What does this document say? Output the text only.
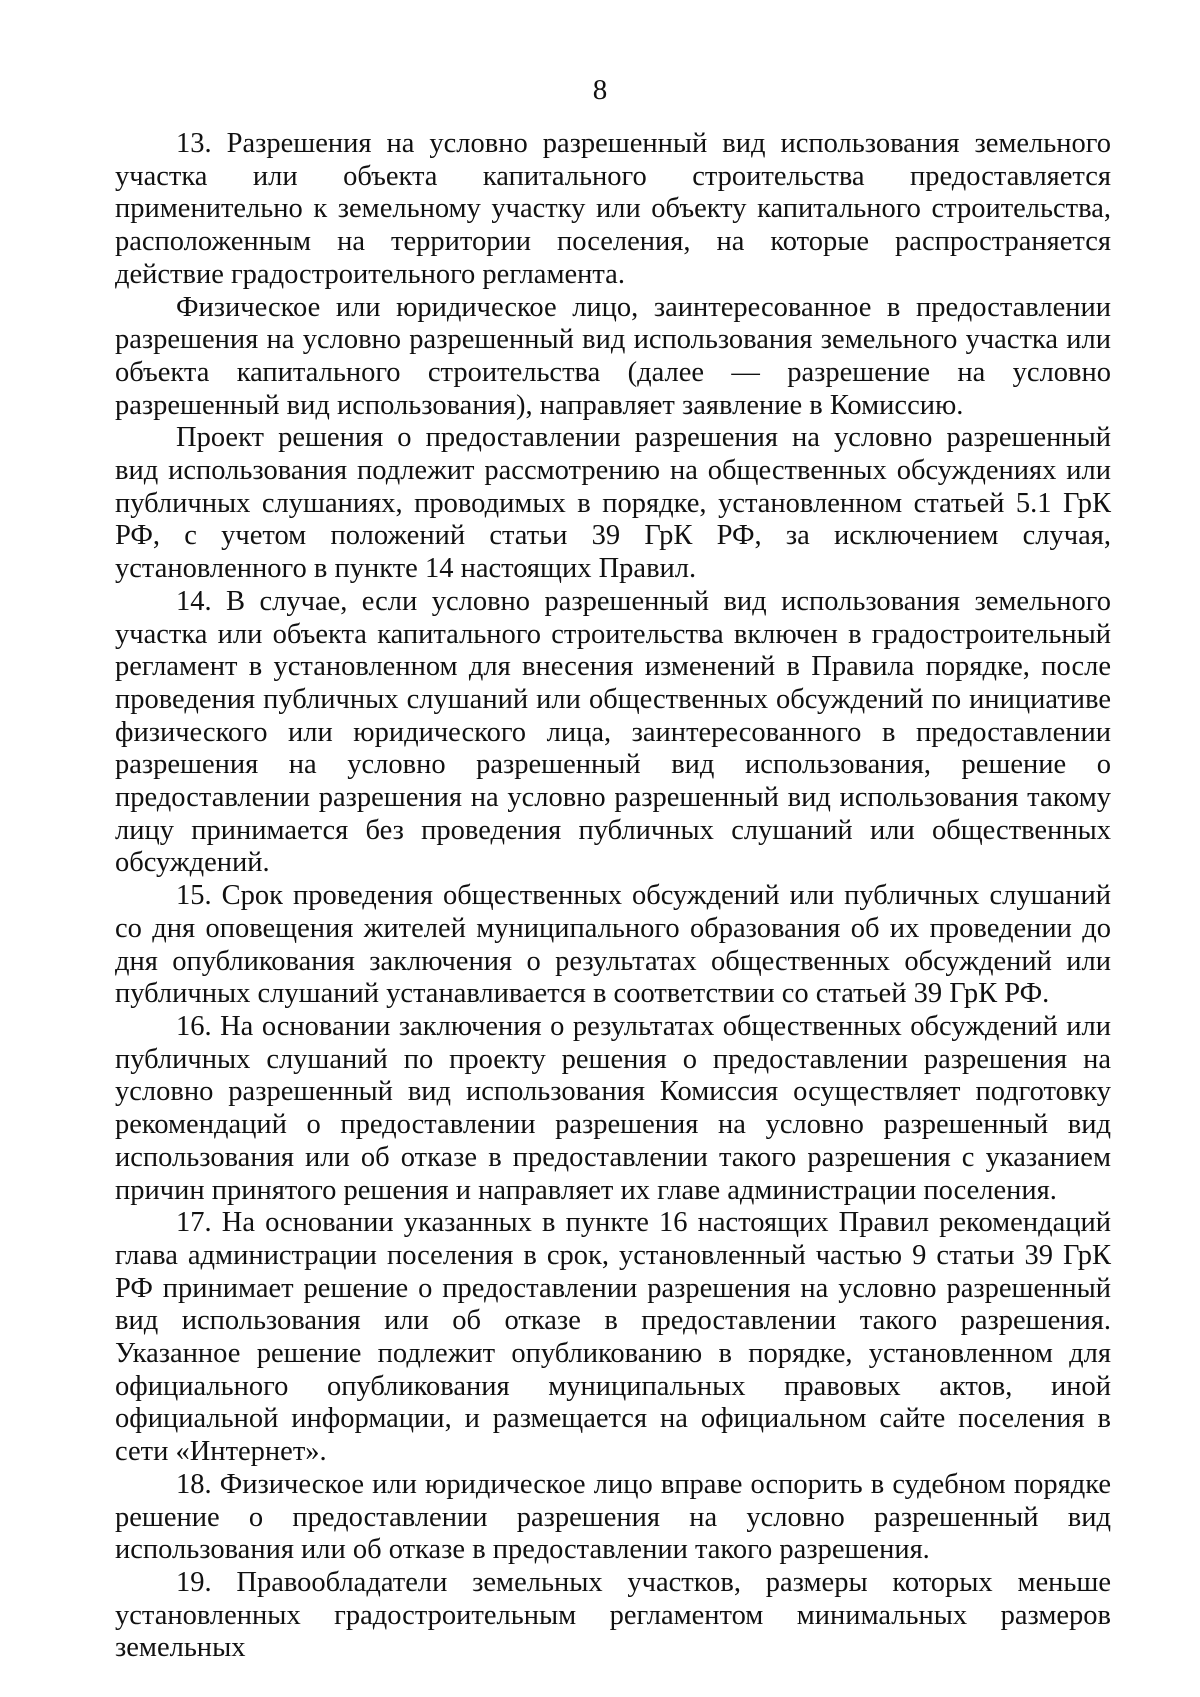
8

13. Разрешения на условно разрешенный вид использования земельного участка или объекта капитального строительства предоставляется применительно к земельному участку или объекту капитального строительства, расположенным на территории поселения, на которые распространяется действие градостроительного регламента.

Физическое или юридическое лицо, заинтересованное в предоставлении разрешения на условно разрешенный вид использования земельного участка или объекта капитального строительства (далее — разрешение на условно разрешенный вид использования), направляет заявление в Комиссию.

Проект решения о предоставлении разрешения на условно разрешенный вид использования подлежит рассмотрению на общественных обсуждениях или публичных слушаниях, проводимых в порядке, установленном статьей 5.1 ГрК РФ, с учетом положений статьи 39 ГрК РФ, за исключением случая, установленного в пункте 14 настоящих Правил.

14. В случае, если условно разрешенный вид использования земельного участка или объекта капитального строительства включен в градостроительный регламент в установленном для внесения изменений в Правила порядке, после проведения публичных слушаний или общественных обсуждений по инициативе физического или юридического лица, заинтересованного в предоставлении разрешения на условно разрешенный вид использования, решение о предоставлении разрешения на условно разрешенный вид использования такому лицу принимается без проведения публичных слушаний или общественных обсуждений.

15. Срок проведения общественных обсуждений или публичных слушаний со дня оповещения жителей муниципального образования об их проведении до дня опубликования заключения о результатах общественных обсуждений или публичных слушаний устанавливается в соответствии со статьей 39 ГрК РФ.

16. На основании заключения о результатах общественных обсуждений или публичных слушаний по проекту решения о предоставлении разрешения на условно разрешенный вид использования Комиссия осуществляет подготовку рекомендаций о предоставлении разрешения на условно разрешенный вид использования или об отказе в предоставлении такого разрешения с указанием причин принятого решения и направляет их главе администрации поселения.

17. На основании указанных в пункте 16 настоящих Правил рекомендаций глава администрации поселения в срок, установленный частью 9 статьи 39 ГрК РФ принимает решение о предоставлении разрешения на условно разрешенный вид использования или об отказе в предоставлении такого разрешения. Указанное решение подлежит опубликованию в порядке, установленном для официального опубликования муниципальных правовых актов, иной официальной информации, и размещается на официальном сайте поселения в сети «Интернет».

18. Физическое или юридическое лицо вправе оспорить в судебном порядке решение о предоставлении разрешения на условно разрешенный вид использования или об отказе в предоставлении такого разрешения.

19. Правообладатели земельных участков, размеры которых меньше установленных градостроительным регламентом минимальных размеров земельных
